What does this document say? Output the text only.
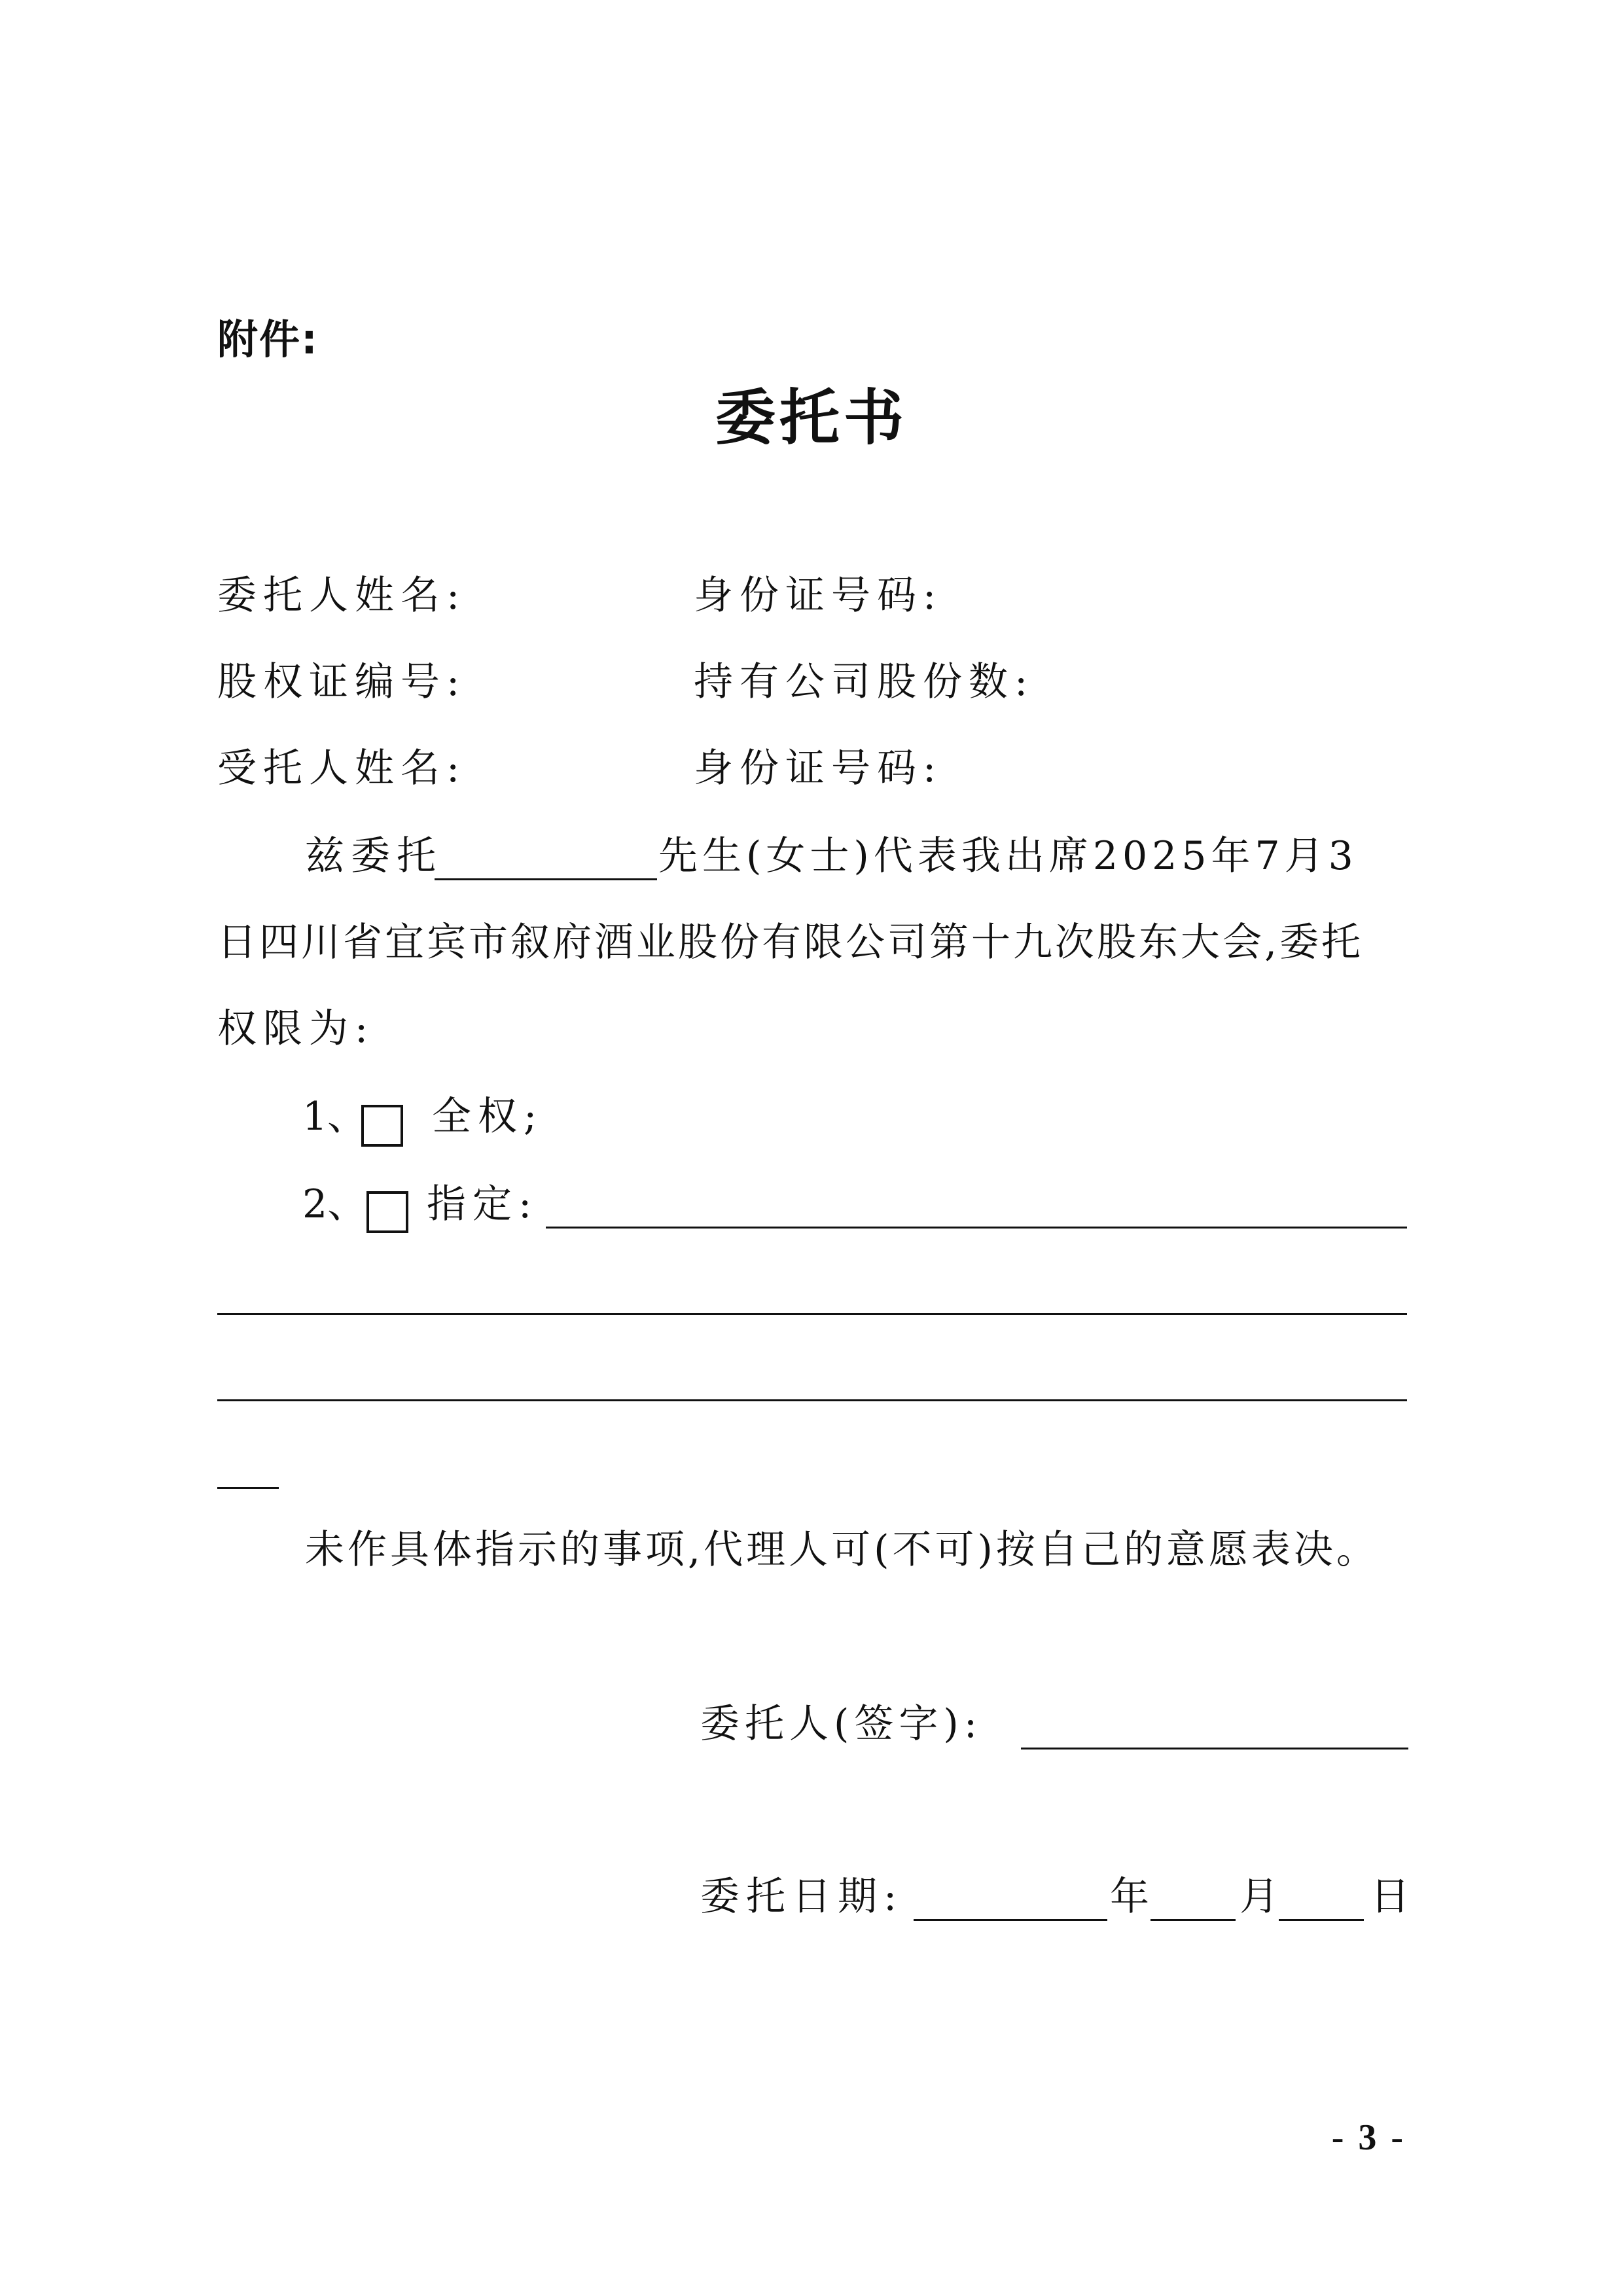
附件:
委托书
委托人姓名:	身份证号码:
股权证编号:	持有公司股份数:
受托人姓名:	身份证号码:
兹委托	先生(女士)代表我出席2025年7月3
日四川省宜宾市叙府酒业股份有限公司第十九次股东大会,委托
权限为:
1、 全权;
2、 指定:
未作具体指示的事项,代理人可(不可)按自己的意愿表决。
委托人(签字):
委托日期:	年 月 日
- 3 -
